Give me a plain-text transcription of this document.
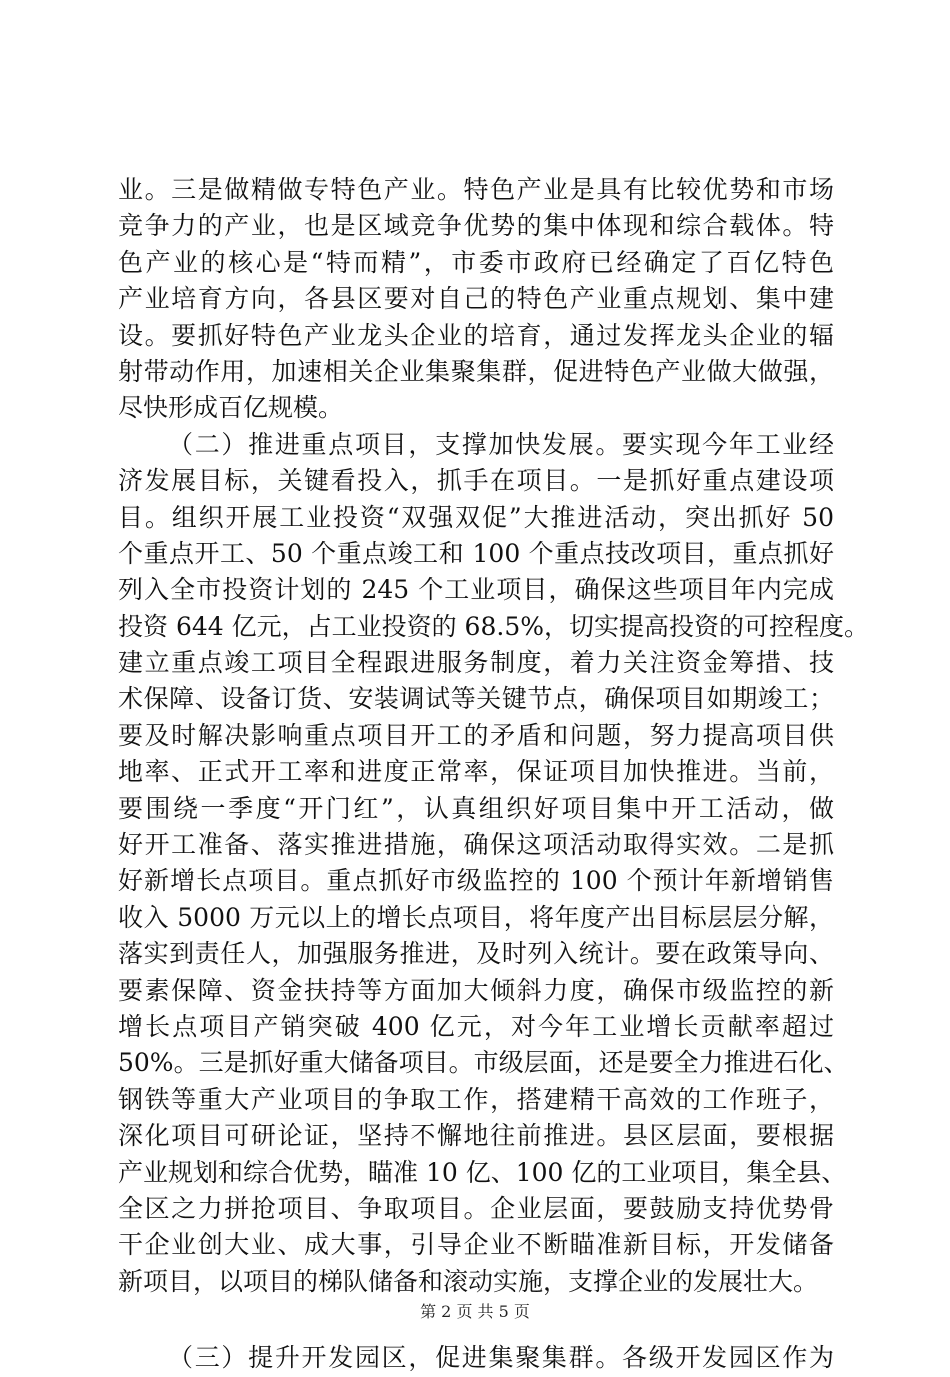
业。三是做精做专特色产业。特色产业是具有比较优势和市场
竞争力的产业，也是区域竞争优势的集中体现和综合载体。特
色产业的核心是“特而精”，市委市政府已经确定了百亿特色
产业培育方向，各县区要对自己的特色产业重点规划、集中建
设。要抓好特色产业龙头企业的培育，通过发挥龙头企业的辐
射带动作用，加速相关企业集聚集群，促进特色产业做大做强，
尽快形成百亿规模。
（二）推进重点项目，支撑加快发展。要实现今年工业经
济发展目标，关键看投入，抓手在项目。一是抓好重点建设项
目。组织开展工业投资“双强双促”大推进活动，突出抓好 50
个重点开工、50 个重点竣工和 100 个重点技改项目，重点抓好
列入全市投资计划的 245 个工业项目，确保这些项目年内完成
投资 644 亿元，占工业投资的 68.5%，切实提高投资的可控程度。
建立重点竣工项目全程跟进服务制度，着力关注资金筹措、技
术保障、设备订货、安装调试等关键节点，确保项目如期竣工；
要及时解决影响重点项目开工的矛盾和问题，努力提高项目供
地率、正式开工率和进度正常率，保证项目加快推进。当前，
要围绕一季度“开门红”，认真组织好项目集中开工活动，做
好开工准备、落实推进措施，确保这项活动取得实效。二是抓
好新增长点项目。重点抓好市级监控的 100 个预计年新增销售
收入 5000 万元以上的增长点项目，将年度产出目标层层分解，
落实到责任人，加强服务推进，及时列入统计。要在政策导向、
要素保障、资金扶持等方面加大倾斜力度，确保市级监控的新
增长点项目产销突破 400 亿元，对今年工业增长贡献率超过
50%。三是抓好重大储备项目。市级层面，还是要全力推进石化、
钢铁等重大产业项目的争取工作，搭建精干高效的工作班子，
深化项目可研论证，坚持不懈地往前推进。县区层面，要根据
产业规划和综合优势，瞄准 10 亿、100 亿的工业项目，集全县、
全区之力拼抢项目、争取项目。企业层面，要鼓励支持优势骨
干企业创大业、成大事，引导企业不断瞄准新目标，开发储备
新项目，以项目的梯队储备和滚动实施，支撑企业的发展壮大。
（三）提升开发园区，促进集聚集群。各级开发园区作为
第 2 页 共 5 页
